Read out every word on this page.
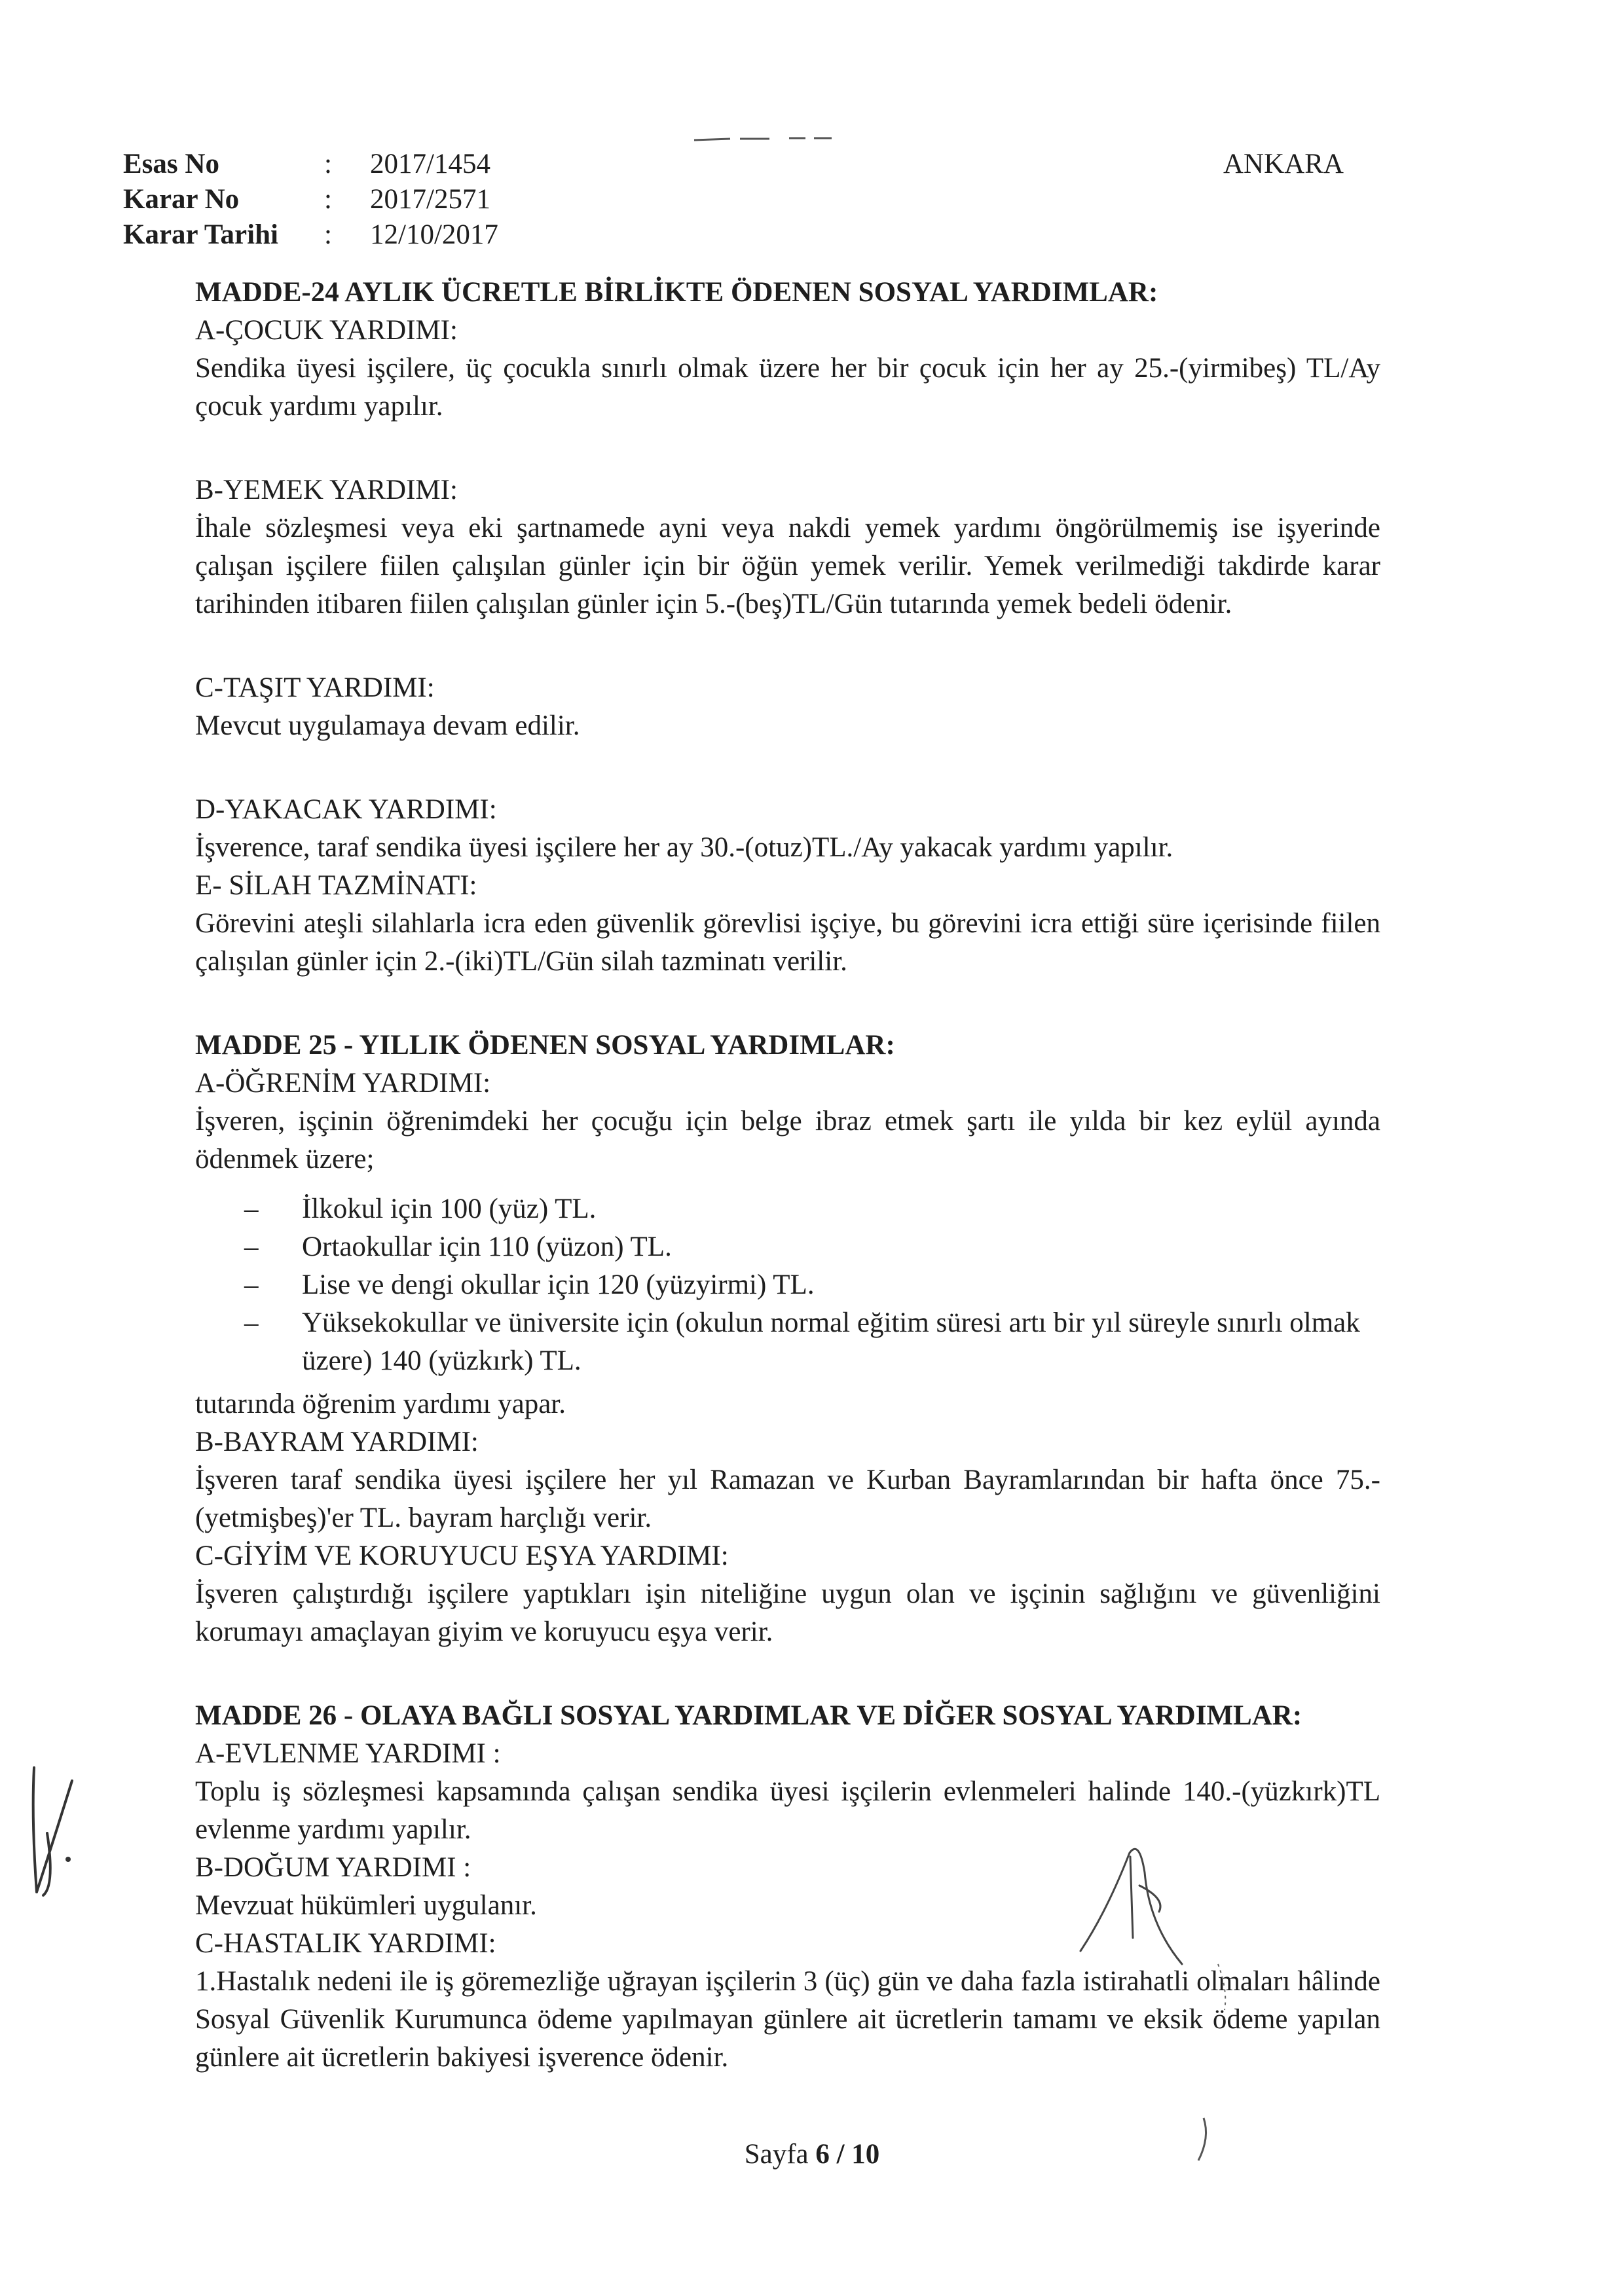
Esas No	: 2017/1454
Karar No	: 2017/2571
Karar Tarihi : 12/10/2017
ANKARA

MADDE-24 AYLIK ÜCRETLE BİRLİKTE ÖDENEN SOSYAL YARDIMLAR:

A-ÇOCUK YARDIMI:

Sendika üyesi işçilere, üç çocukla sınırlı olmak üzere her bir çocuk için her ay 25.-(yirmibeş) TL/Ay çocuk yardımı yapılır.

B-YEMEK YARDIMI:

İhale sözleşmesi veya eki şartnamede ayni veya nakdi yemek yardımı öngörülmemiş ise işyerinde çalışan işçilere fiilen çalışılan günler için bir öğün yemek verilir. Yemek verilmediği takdirde karar tarihinden itibaren fiilen çalışılan günler için 5.-(beş)TL/Gün tutarında yemek bedeli ödenir.

C-TAŞIT YARDIMI:

Mevcut uygulamaya devam edilir.

D-YAKACAK YARDIMI:

İşverence, taraf sendika üyesi işçilere her ay 30.-(otuz)TL./Ay yakacak yardımı yapılır.

E- SİLAH TAZMİNATI:

Görevini ateşli silahlarla icra eden güvenlik görevlisi işçiye, bu görevini icra ettiği süre içerisinde fiilen çalışılan günler için 2.-(iki)TL/Gün silah tazminatı verilir.

MADDE 25 - YILLIK ÖDENEN SOSYAL YARDIMLAR:

A-ÖĞRENİM YARDIMI:

İşveren, işçinin öğrenimdeki her çocuğu için belge ibraz etmek şartı ile yılda bir kez eylül ayında ödenmek üzere;

– İlkokul için 100 (yüz) TL.
– Ortaokullar için 110 (yüzon) TL.
– Lise ve dengi okullar için 120 (yüzyirmi) TL.
– Yüksekokullar ve üniversite için (okulun normal eğitim süresi artı bir yıl süreyle sınırlı olmak üzere) 140 (yüzkırk) TL.

tutarında öğrenim yardımı yapar.

B-BAYRAM YARDIMI:

İşveren taraf sendika üyesi işçilere her yıl Ramazan ve Kurban Bayramlarından bir hafta önce 75.-(yetmişbeş)'er TL. bayram harçlığı verir.

C-GİYİM VE KORUYUCU EŞYA YARDIMI:

İşveren çalıştırdığı işçilere yaptıkları işin niteliğine uygun olan ve işçinin sağlığını ve güvenliğini korumayı amaçlayan giyim ve koruyucu eşya verir.

MADDE 26 - OLAYA BAĞLI SOSYAL YARDIMLAR VE DİĞER SOSYAL YARDIMLAR:

A-EVLENME YARDIMI :

Toplu iş sözleşmesi kapsamında çalışan sendika üyesi işçilerin evlenmeleri halinde 140.-(yüzkırk)TL evlenme yardımı yapılır.

B-DOĞUM YARDIMI :

Mevzuat hükümleri uygulanır.

C-HASTALIK YARDIMI:

1.Hastalık nedeni ile iş göremezliğe uğrayan işçilerin 3 (üç) gün ve daha fazla istirahatli olmaları hâlinde Sosyal Güvenlik Kurumunca ödeme yapılmayan günlere ait ücretlerin tamamı ve eksik ödeme yapılan günlere ait ücretlerin bakiyesi işverence ödenir.

Sayfa 6 / 10
